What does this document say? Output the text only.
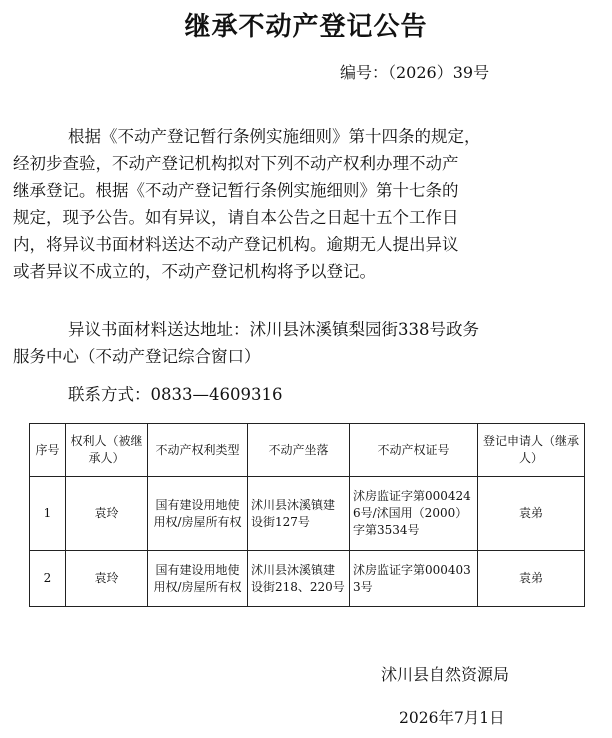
继承不动产登记公告
编号：（2026）39号
根据《不动产登记暂行条例实施细则》第十四条的规定，
经初步查验，不动产登记机构拟对下列不动产权利办理不动产
继承登记。根据《不动产登记暂行条例实施细则》第十七条的
规定，现予公告。如有异议，请自本公告之日起十五个工作日
内，将异议书面材料送达不动产登记机构。逾期无人提出异议
或者异议不成立的，不动产登记机构将予以登记。
异议书面材料送达地址：沭川县沐溪镇梨园街338号政务
服务中心（不动产登记综合窗口）
联系方式：0833—4609316
序号	权利人（被继承人）	不动产权利类型	不动产坐落	不动产权证号	登记申请人（继承人）
1	袁玲	国有建设用地使用权/房屋所有权	沭川县沐溪镇建设街127号	沭房监证字第0004246号/沭国用（2000）字第3534号	袁弟
2	袁玲	国有建设用地使用权/房屋所有权	沭川县沐溪镇建设街218、220号	沭房监证字第0004033号	袁弟
沭川县自然资源局
2026年7月1日
